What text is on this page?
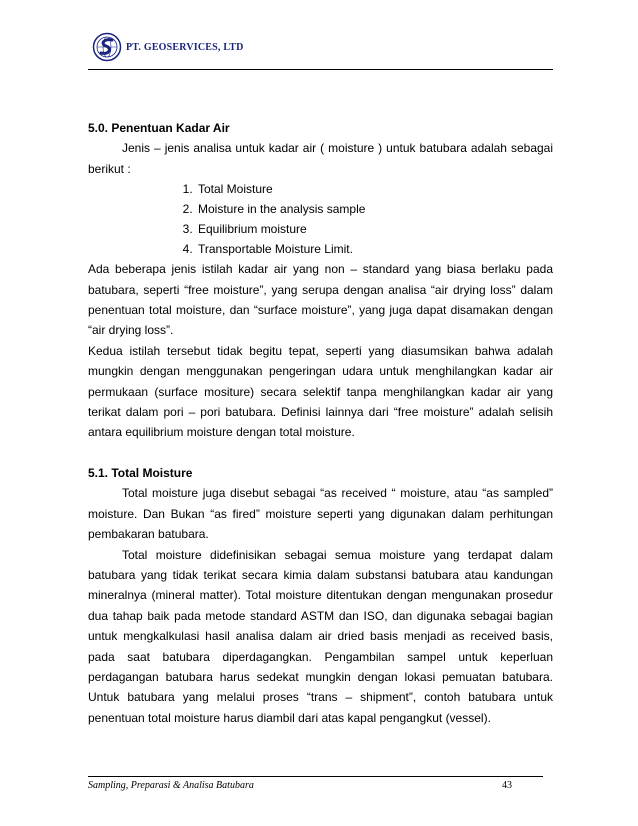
PT. GEOSERVICES, LTD

5.0. Penentuan Kadar Air

Jenis – jenis analisa untuk kadar air ( moisture ) untuk batubara adalah sebagai berikut :

1. Total Moisture
2. Moisture in the analysis sample
3. Equilibrium moisture
4. Transportable Moisture Limit.

Ada beberapa jenis istilah kadar air yang non – standard yang biasa berlaku pada batubara, seperti “free moisture”, yang serupa dengan analisa “air drying loss” dalam penentuan total moisture, dan “surface moisture”, yang juga dapat disamakan dengan “air drying loss”.

Kedua istilah tersebut tidak begitu tepat, seperti yang diasumsikan bahwa adalah mungkin dengan menggunakan pengeringan udara untuk menghilangkan kadar air permukaan (surface mositure) secara selektif tanpa menghilangkan kadar air yang terikat dalam pori – pori batubara. Definisi lainnya dari “free moisture” adalah selisih antara equilibrium moisture dengan total moisture.

5.1. Total Moisture

Total moisture juga disebut sebagai “as received “ moisture, atau “as sampled” moisture. Dan Bukan “as fired” moisture seperti yang digunakan dalam perhitungan pembakaran batubara.

Total moisture didefinisikan sebagai semua moisture yang terdapat dalam batubara yang tidak terikat secara kimia dalam substansi batubara atau kandungan mineralnya (mineral matter). Total moisture ditentukan dengan mengunakan prosedur dua tahap baik pada metode standard ASTM dan ISO, dan digunaka sebagai bagian untuk mengkalkulasi hasil analisa dalam air dried basis menjadi as received basis, pada saat batubara diperdagangkan. Pengambilan sampel untuk keperluan perdagangan batubara harus sedekat mungkin dengan lokasi pemuatan batubara. Untuk batubara yang melalui proses “trans – shipment”, contoh batubara untuk penentuan total moisture harus diambil dari atas kapal pengangkut (vessel).

Sampling, Preparasi & Analisa Batubara	43
